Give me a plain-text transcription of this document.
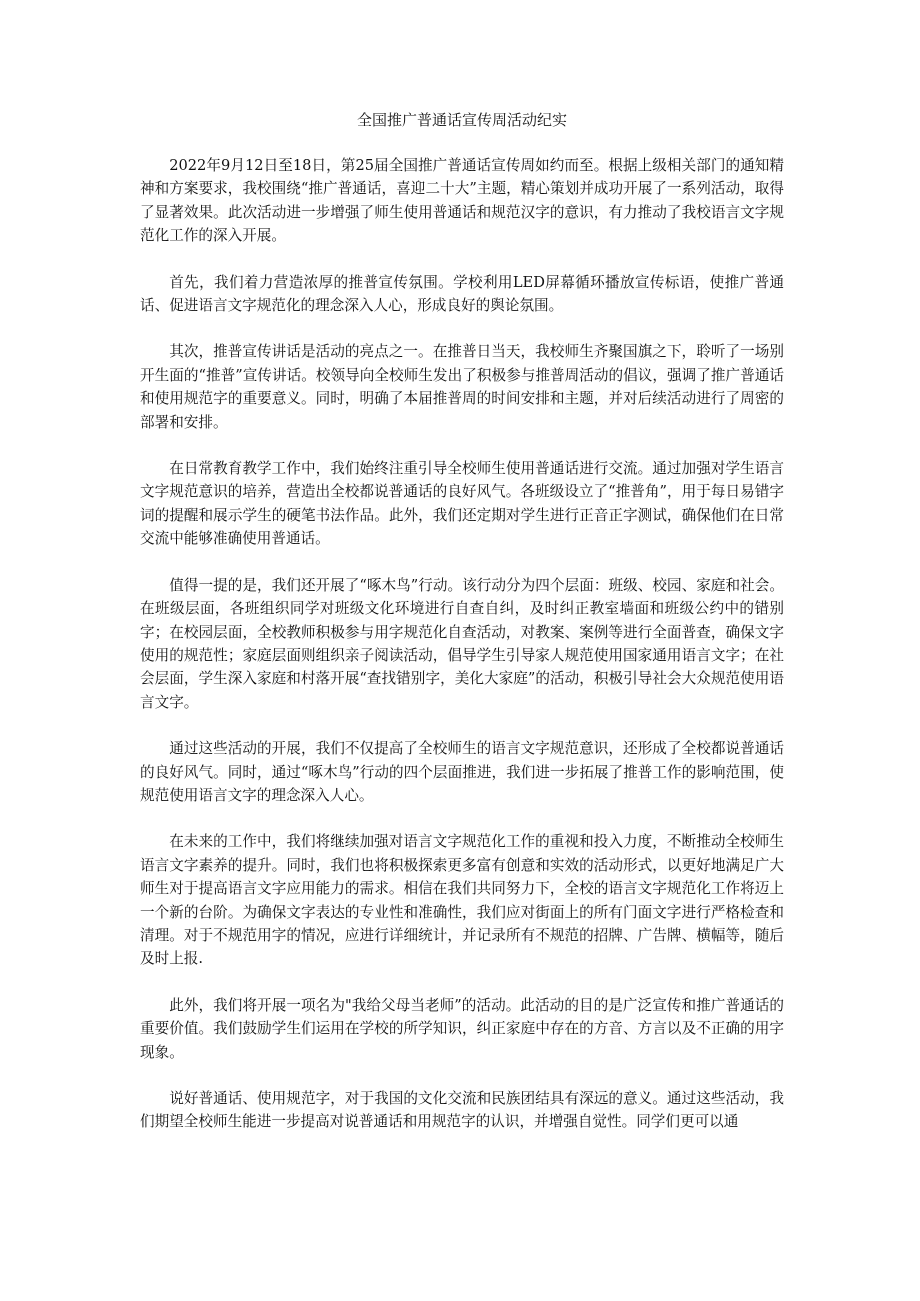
全国推广普通话宣传周活动纪实

2022年9月12日至18日，第25届全国推广普通话宣传周如约而至。根据上级相关部门的通知精神和方案要求，我校围绕“推广普通话，喜迎二十大”主题，精心策划并成功开展了一系列活动，取得了显著效果。此次活动进一步增强了师生使用普通话和规范汉字的意识，有力推动了我校语言文字规范化工作的深入开展。

首先，我们着力营造浓厚的推普宣传氛围。学校利用LED屏幕循环播放宣传标语，使推广普通话、促进语言文字规范化的理念深入人心，形成良好的舆论氛围。

其次，推普宣传讲话是活动的亮点之一。在推普日当天，我校师生齐聚国旗之下，聆听了一场别开生面的“推普”宣传讲话。校领导向全校师生发出了积极参与推普周活动的倡议，强调了推广普通话和使用规范字的重要意义。同时，明确了本届推普周的时间安排和主题，并对后续活动进行了周密的部署和安排。

在日常教育教学工作中，我们始终注重引导全校师生使用普通话进行交流。通过加强对学生语言文字规范意识的培养，营造出全校都说普通话的良好风气。各班级设立了“推普角”，用于每日易错字词的提醒和展示学生的硬笔书法作品。此外，我们还定期对学生进行正音正字测试，确保他们在日常交流中能够准确使用普通话。

值得一提的是，我们还开展了“啄木鸟”行动。该行动分为四个层面：班级、校园、家庭和社会。在班级层面，各班组织同学对班级文化环境进行自查自纠，及时纠正教室墙面和班级公约中的错别字；在校园层面，全校教师积极参与用字规范化自查活动，对教案、案例等进行全面普查，确保文字使用的规范性；家庭层面则组织亲子阅读活动，倡导学生引导家人规范使用国家通用语言文字；在社会层面，学生深入家庭和村落开展“查找错别字，美化大家庭”的活动，积极引导社会大众规范使用语言文字。

通过这些活动的开展，我们不仅提高了全校师生的语言文字规范意识，还形成了全校都说普通话的良好风气。同时，通过“啄木鸟”行动的四个层面推进，我们进一步拓展了推普工作的影响范围，使规范使用语言文字的理念深入人心。

在未来的工作中，我们将继续加强对语言文字规范化工作的重视和投入力度，不断推动全校师生语言文字素养的提升。同时，我们也将积极探索更多富有创意和实效的活动形式，以更好地满足广大师生对于提高语言文字应用能力的需求。相信在我们共同努力下，全校的语言文字规范化工作将迈上一个新的台阶。为确保文字表达的专业性和准确性，我们应对街面上的所有门面文字进行严格检查和清理。对于不规范用字的情况，应进行详细统计，并记录所有不规范的招牌、广告牌、横幅等，随后及时上报.

此外，我们将开展一项名为"我给父母当老师”的活动。此活动的目的是广泛宣传和推广普通话的重要价值。我们鼓励学生们运用在学校的所学知识，纠正家庭中存在的方音、方言以及不正确的用字现象。

说好普通话、使用规范字，对于我国的文化交流和民族团结具有深远的意义。通过这些活动，我们期望全校师生能进一步提高对说普通话和用规范字的认识，并增强自觉性。同学们更可以通
